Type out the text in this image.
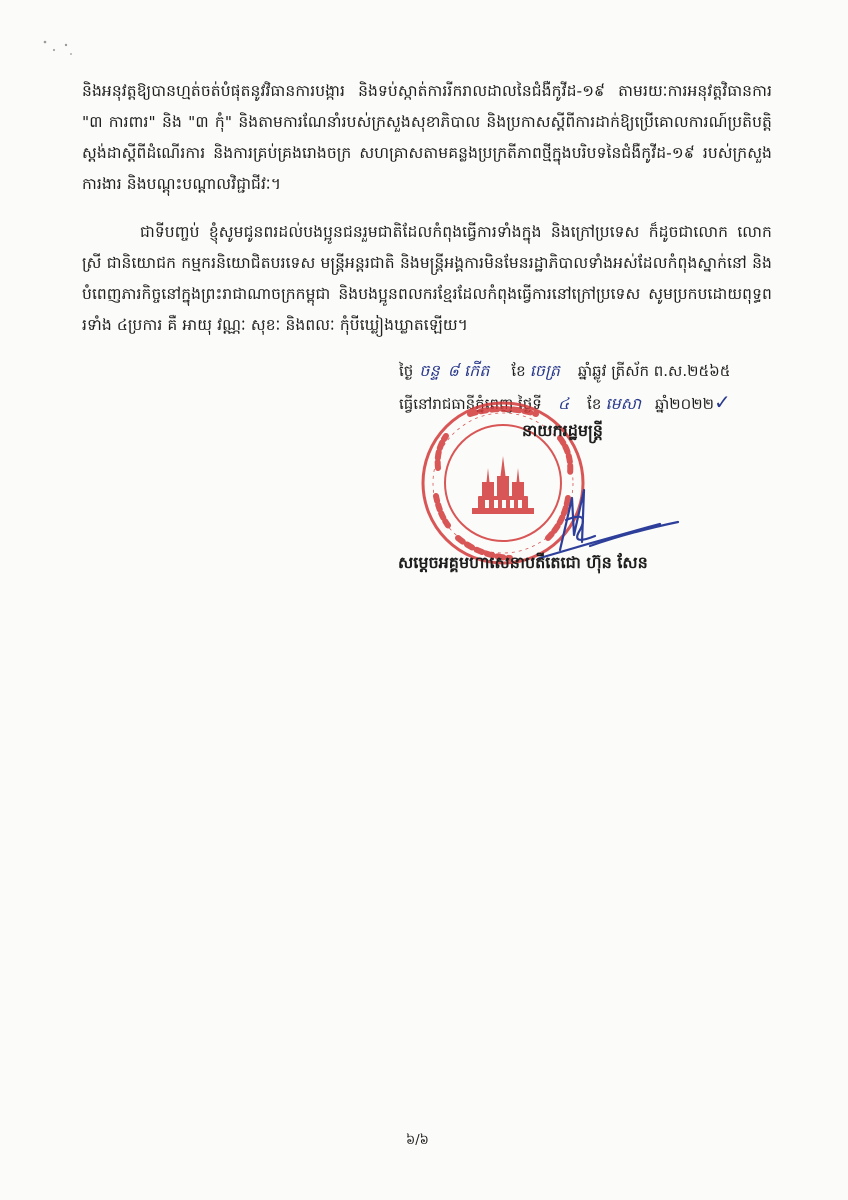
និងអនុវត្តឱ្យបានហ្មត់ចត់បំផុតនូវវិធានការបង្ការ និងទប់ស្កាត់ការរីករាលដាលនៃជំងឺកូវីដ-១៩ តាមរយៈការអនុវត្តវិធានការ "៣ ការពារ" និង "៣ កុំ" និងតាមការណែនាំរបស់ក្រសួងសុខាភិបាល និងប្រកាសស្តីពីការដាក់ឱ្យប្រើគោលការណ៍ប្រតិបត្តិស្តង់ដាស្តីពីដំណើរការ និងការគ្រប់គ្រងរោងចក្រ សហគ្រាសតាមគន្លងប្រក្រតីភាពថ្មីក្នុងបរិបទនៃជំងឺកូវីដ-១៩ របស់ក្រសួងការងារ និងបណ្តុះបណ្តាលវិជ្ជាជីវៈ។

ជាទីបញ្ចប់ ខ្ញុំសូមជូនពរដល់បងប្អូនជនរួមជាតិដែលកំពុងធ្វើការទាំងក្នុង និងក្រៅប្រទេស ក៏ដូចជាលោក លោកស្រី ជានិយោជក កម្មករនិយោជិតបរទេស មន្ត្រីអន្តរជាតិ និងមន្ត្រីអង្គការមិនមែនរដ្ឋាភិបាលទាំងអស់ដែលកំពុងស្នាក់នៅ និងបំពេញភារកិច្ចនៅក្នុងព្រះរាជាណាចក្រកម្ពុជា និងបងប្អូនពលករខ្មែរដែលកំពុងធ្វើការនៅក្រៅប្រទេស សូមប្រកបដោយពុទ្ធពរទាំង ៤ប្រការ គឺ អាយុ វណ្ណៈ សុខៈ និងពលៈ កុំបីឃ្លៀងឃ្លាតឡើយ។

ថ្ងៃ ច​ន្ទ ៨ កើត ខែ ចេត្រ ឆ្នាំឆ្លូវ ត្រីស័ក ព.ស.២៥៦៥
ធ្វើនៅរាជធានីភ្នំពេញ ថ្ងៃទី ៤ ខែ មេសា ឆ្នាំ២០២២✓
នាយករដ្ឋមន្ត្រី
សម្តេចអគ្គមហាសេនាបតីតេជោ ហ៊ុន សែន
៦/៦
